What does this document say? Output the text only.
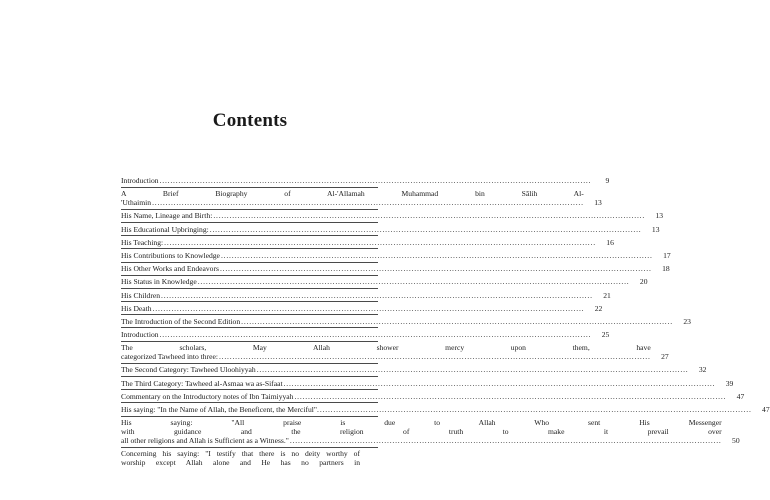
Contents
Introduction ................................................................................................................................................................	9
A Brief Biography of Al-'Allamah Muhammad bin Sālih Al-
'Uthaimin ................................................................................................................................................................	13
His Name, Lineage and Birth: ................................................................................................................................................................	13
His Educational Upbringing: ................................................................................................................................................................	13
His Teaching: ................................................................................................................................................................	16
His Contributions to Knowledge ................................................................................................................................................................	17
His Other Works and Endeavors ................................................................................................................................................................	18
His Status in Knowledge ................................................................................................................................................................	20
His Children ................................................................................................................................................................	21
His Death ................................................................................................................................................................	22
The Introduction of the Second Edition ................................................................................................................................................................	23
Introduction ................................................................................................................................................................	25
The scholars, May Allah shower mercy upon them, have
categorized Tawheed into three: ................................................................................................................................................................	27
The Second Category: Tawheed Uloohiyyah ................................................................................................................................................................	32
The Third Category: Tawheed al-Asmaa wa as-Sifaat ................................................................................................................................................................	39
Commentary on the Introductory notes of Ibn Taimiyyah ................................................................................................................................................................	47
His saying: "In the Name of Allah, the Beneficent, the Merciful". ................................................................................................................................................................	47
His saying: "All praise is due to Allah Who sent His Messenger
with guidance and the religion of truth to make it prevail over
all other religions and Allah is Sufficient as a Witness." ................................................................................................................................................................	50
Concerning his saying: "I testify that there is no deity worthy of
worship except Allah alone and He has no partners in
